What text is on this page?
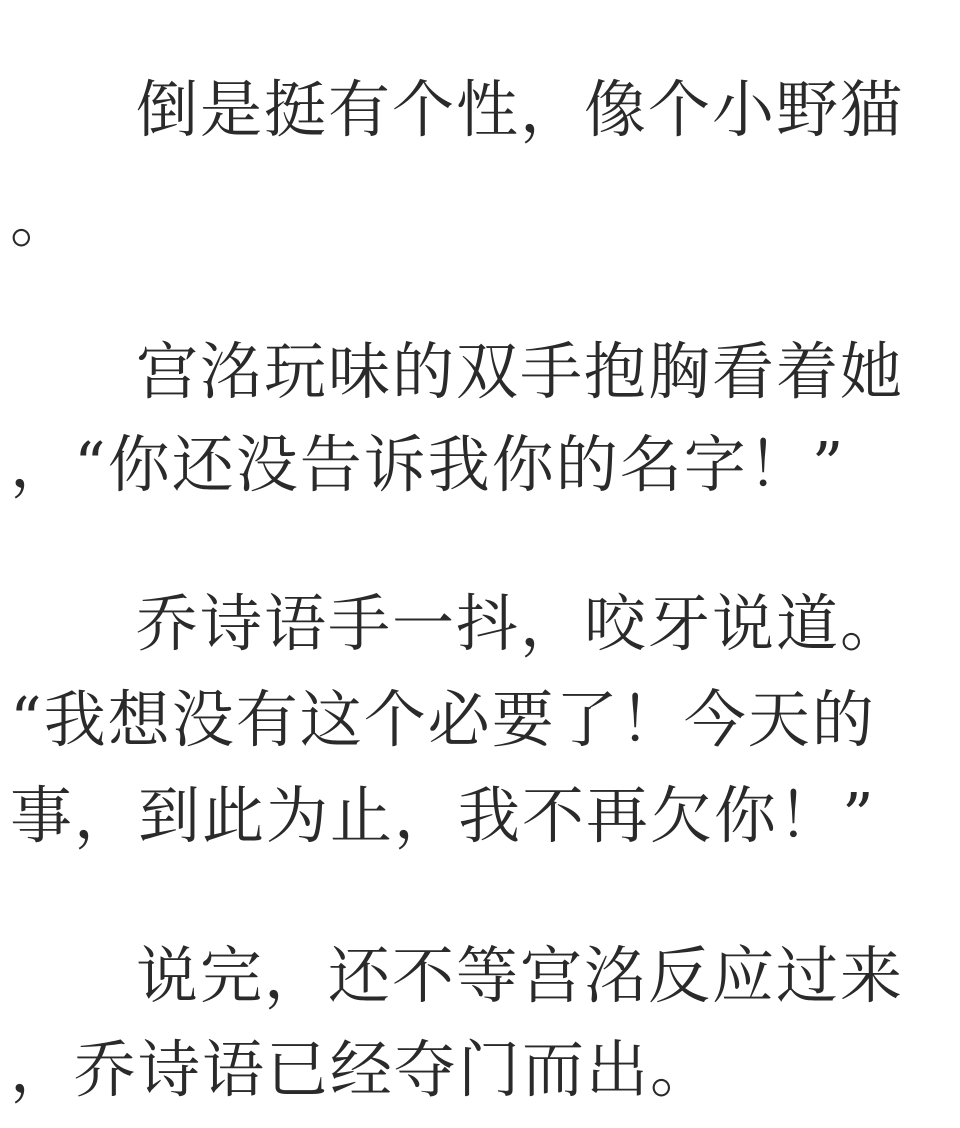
倒是挺有个性，像个小野猫
。
宫洺玩味的双手抱胸看着她
，“你还没告诉我你的名字！”
乔诗语手一抖，咬牙说道。
“我想没有这个必要了！今天的
事，到此为止，我不再欠你！”
说完，还不等宫洺反应过来
，乔诗语已经夺门而出。
